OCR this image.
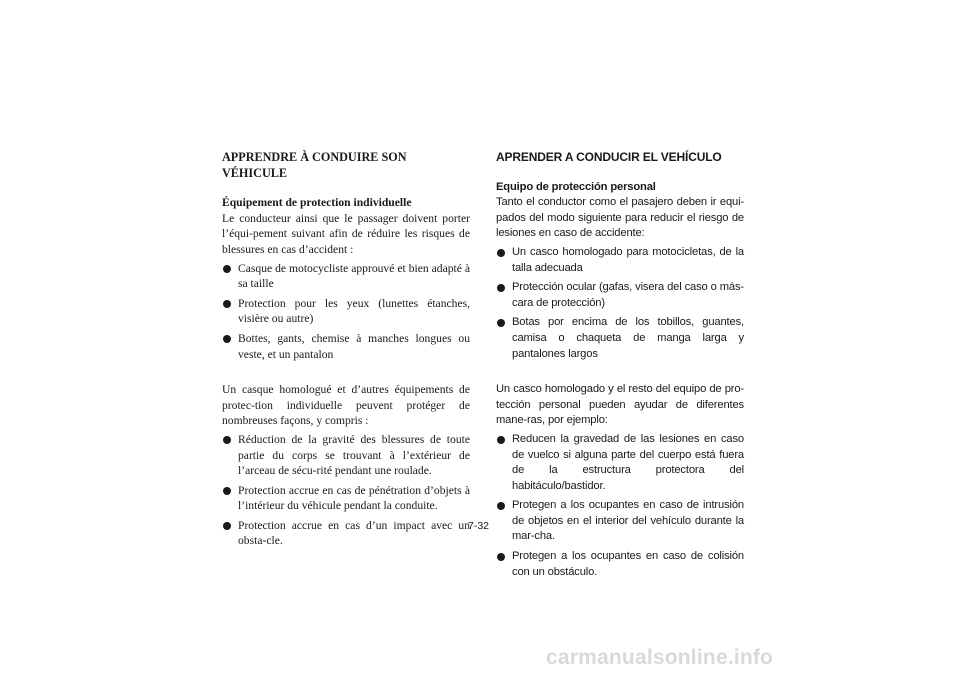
APPRENDRE À CONDUIRE SON VÉHICULE
Équipement de protection individuelle

Le conducteur ainsi que le passager doivent porter l’équi-pement suivant afin de réduire les risques de blessures en cas d’accident :

Casque de motocycliste approuvé et bien adapté à sa taille
Protection pour les yeux (lunettes étanches, visière ou autre)
Bottes, gants, chemise à manches longues ou veste, et un pantalon

Un casque homologué et d’autres équipements de protec-tion individuelle peuvent protéger de nombreuses façons, y compris :

Réduction de la gravité des blessures de toute partie du corps se trouvant à l’extérieur de l’arceau de sécu-rité pendant une roulade.
Protection accrue en cas de pénétration d’objets à l’intérieur du véhicule pendant la conduite.
Protection accrue en cas d’un impact avec un obsta-cle.
APRENDER A CONDUCIR EL VEHÍCULO
Equipo de protección personal

Tanto el conductor como el pasajero deben ir equi-pados del modo siguiente para reducir el riesgo de lesiones en caso de accidente:

Un casco homologado para motocicletas, de la talla adecuada
Protección ocular (gafas, visera del caso o más-cara de protección)
Botas por encima de los tobillos, guantes, camisa o chaqueta de manga larga y pantalones largos

Un casco homologado y el resto del equipo de pro-tección personal pueden ayudar de diferentes mane-ras, por ejemplo:

Reducen la gravedad de las lesiones en caso de vuelco si alguna parte del cuerpo está fuera de la estructura protectora del habitáculo/bastidor.
Protegen a los ocupantes en caso de intrusión de objetos en el interior del vehículo durante la mar-cha.
Protegen a los ocupantes en caso de colisión con un obstáculo.
7-32
carmanualsonline.info
